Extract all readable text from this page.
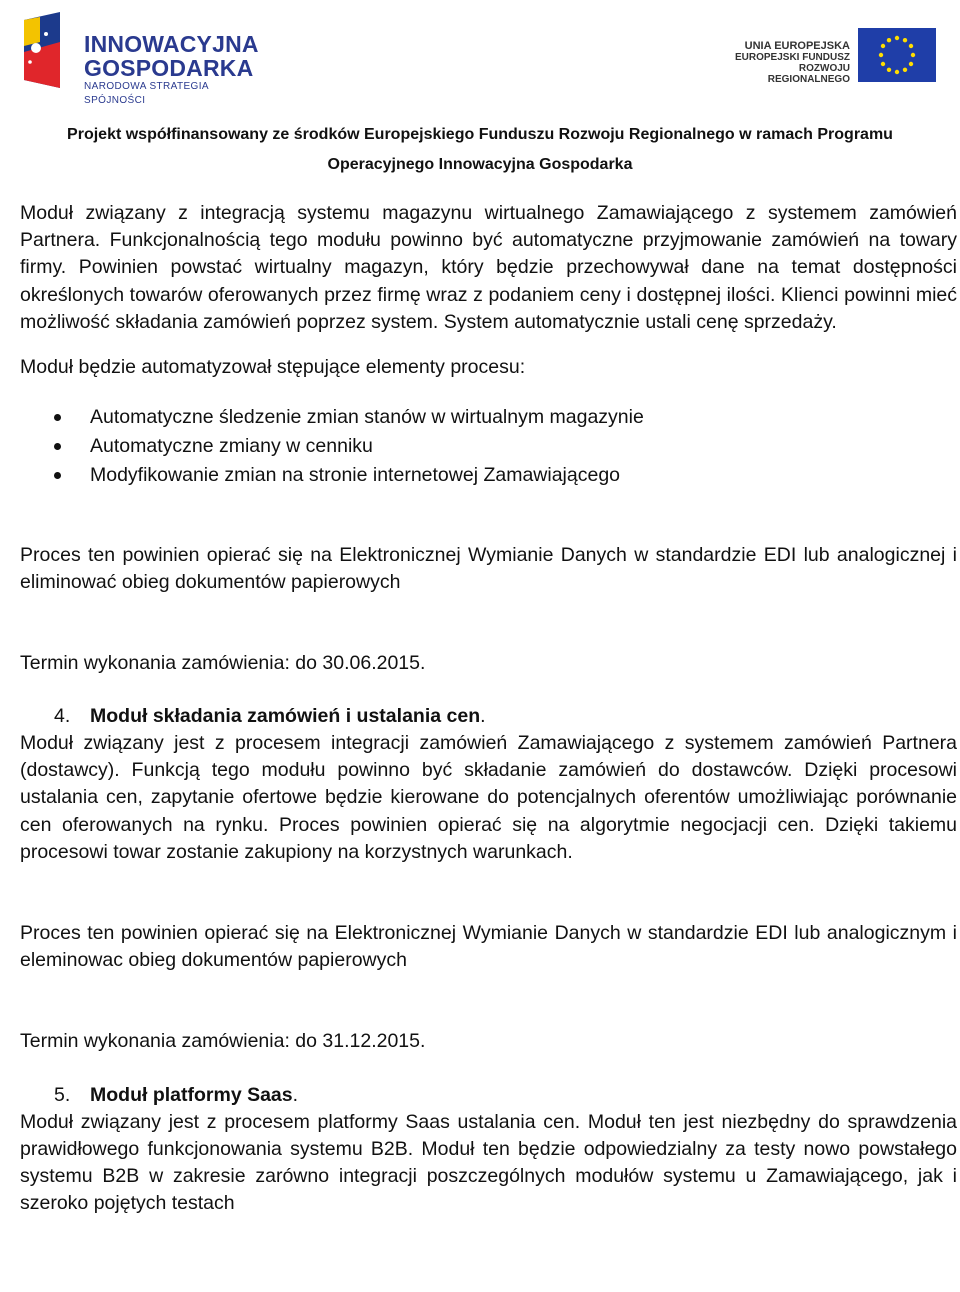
INNOWACYJNA GOSPODARKA
NARODOWA STRATEGIA SPÓJNOŚCI
UNIA EUROPEJSKA
EUROPEJSKI FUNDUSZ
ROZWOJU REGIONALNEGO
Projekt współfinansowany ze środków Europejskiego Funduszu Rozwoju Regionalnego w ramach Programu
Operacyjnego Innowacyjna Gospodarka

Moduł związany z integracją systemu magazynu wirtualnego Zamawiającego z systemem zamówień Partnera. Funkcjonalnością tego modułu powinno być automatyczne przyjmowanie zamówień na towary firmy. Powinien powstać wirtualny magazyn, który będzie przechowywał dane na temat dostępności określonych towarów oferowanych przez firmę wraz z podaniem ceny i dostępnej ilości. Klienci powinni mieć możliwość składania zamówień poprzez system. System automatycznie ustali cenę sprzedaży.

Moduł będzie automatyzował stępujące elementy procesu:

Automatyczne śledzenie zmian stanów w wirtualnym magazynie
Automatyczne zmiany w cenniku
Modyfikowanie zmian na stronie internetowej Zamawiającego

Proces ten powinien opierać się na Elektronicznej Wymianie Danych w standardzie EDI lub analogicznej i eliminować obieg dokumentów papierowych

Termin wykonania zamówienia: do 30.06.2015.

4. Moduł składania zamówień i ustalania cen.

Moduł związany jest z procesem integracji zamówień Zamawiającego z systemem zamówień Partnera (dostawcy). Funkcją tego modułu powinno być składanie zamówień do dostawców. Dzięki procesowi ustalania cen, zapytanie ofertowe będzie kierowane do potencjalnych oferentów umożliwiając porównanie cen oferowanych na rynku. Proces powinien opierać się na algorytmie negocjacji cen. Dzięki takiemu procesowi towar zostanie zakupiony na korzystnych warunkach.

Proces ten powinien opierać się na Elektronicznej Wymianie Danych w standardzie EDI lub analogicznym i eleminowac obieg dokumentów papierowych

Termin wykonania zamówienia: do 31.12.2015.

5. Moduł platformy Saas.

Moduł związany jest z procesem platformy Saas ustalania cen. Moduł ten jest niezbędny do sprawdzenia prawidłowego funkcjonowania systemu B2B. Moduł ten będzie odpowiedzialny za testy nowo powstałego systemu B2B w zakresie zarówno integracji poszczególnych modułów systemu u Zamawiającego, jak i szeroko pojętych testach
